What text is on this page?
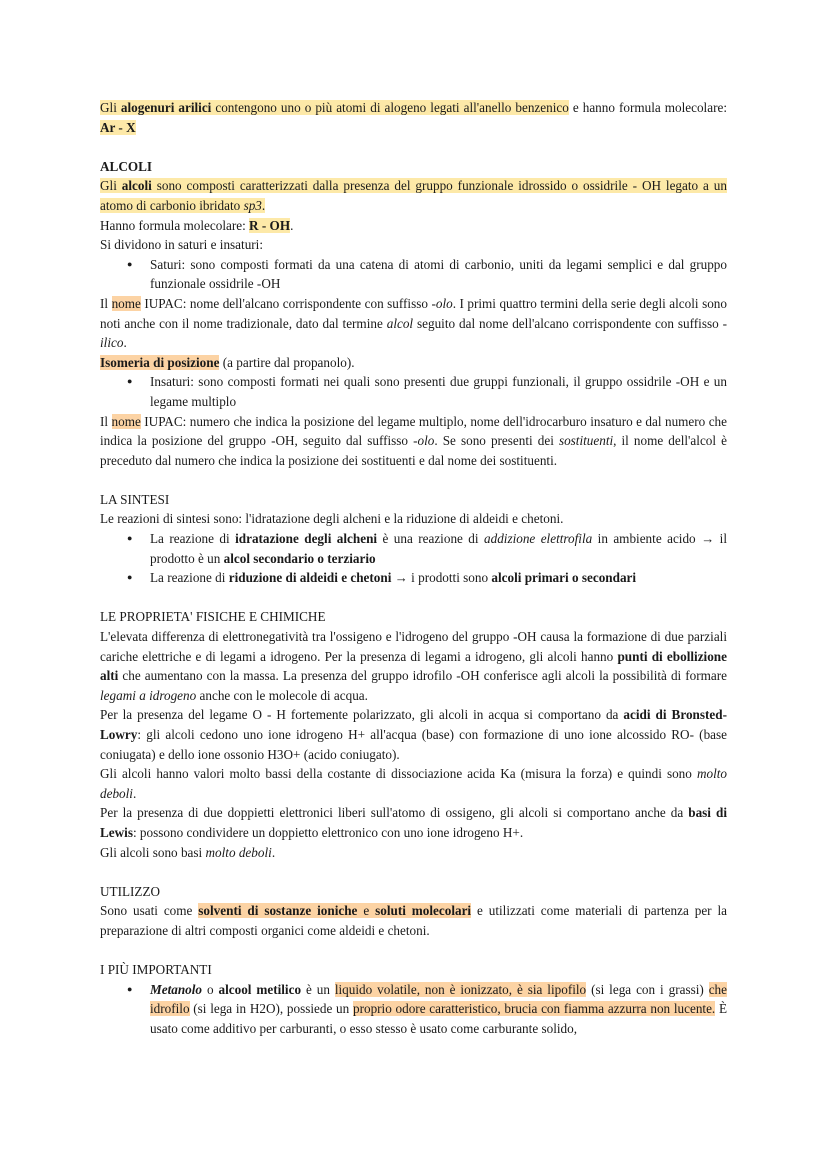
Gli alogenuri arilici contengono uno o più atomi di alogeno legati all'anello benzenico e hanno formula molecolare: Ar - X

ALCOLI

Gli alcoli sono composti caratterizzati dalla presenza del gruppo funzionale idrossido o ossidrile - OH legato a un atomo di carbonio ibridato sp3.

Hanno formula molecolare: R - OH.

Si dividono in saturi e insaturi:

● Saturi: sono composti formati da una catena di atomi di carbonio, uniti da legami semplici e dal gruppo funzionale ossidrile -OH

Il nome IUPAC: nome dell'alcano corrispondente con suffisso -olo. I primi quattro termini della serie degli alcoli sono noti anche con il nome tradizionale, dato dal termine alcol seguito dal nome dell'alcano corrispondente con suffisso -ilico.

Isomeria di posizione (a partire dal propanolo).

● Insaturi: sono composti formati nei quali sono presenti due gruppi funzionali, il gruppo ossidrile -OH e un legame multiplo

Il nome IUPAC: numero che indica la posizione del legame multiplo, nome dell'idrocarburo insaturo e dal numero che indica la posizione del gruppo -OH, seguito dal suffisso -olo. Se sono presenti dei sostituenti, il nome dell'alcol è preceduto dal numero che indica la posizione dei sostituenti e dal nome dei sostituenti.

LA SINTESI

Le reazioni di sintesi sono: l'idratazione degli alcheni e la riduzione di aldeidi e chetoni.

● La reazione di idratazione degli alcheni è una reazione di addizione elettrofila in ambiente acido → il prodotto è un alcol secondario o terziario
● La reazione di riduzione di aldeidi e chetoni → i prodotti sono alcoli primari o secondari

LE PROPRIETA' FISICHE E CHIMICHE

L'elevata differenza di elettronegatività tra l'ossigeno e l'idrogeno del gruppo -OH causa la formazione di due parziali cariche elettriche e di legami a idrogeno. Per la presenza di legami a idrogeno, gli alcoli hanno punti di ebollizione alti che aumentano con la massa. La presenza del gruppo idrofilo -OH conferisce agli alcoli la possibilità di formare legami a idrogeno anche con le molecole di acqua.

Per la presenza del legame O - H fortemente polarizzato, gli alcoli in acqua si comportano da acidi di Bronsted-Lowry: gli alcoli cedono uno ione idrogeno H+ all'acqua (base) con formazione di uno ione alcossido RO- (base coniugata) e dello ione ossonio H3O+ (acido coniugato).

Gli alcoli hanno valori molto bassi della costante di dissociazione acida Ka (misura la forza) e quindi sono molto deboli.

Per la presenza di due doppietti elettronici liberi sull'atomo di ossigeno, gli alcoli si comportano anche da basi di Lewis: possono condividere un doppietto elettronico con uno ione idrogeno H+.

Gli alcoli sono basi molto deboli.

UTILIZZO

Sono usati come solventi di sostanze ioniche e soluti molecolari e utilizzati come materiali di partenza per la preparazione di altri composti organici come aldeidi e chetoni.

I PIÙ IMPORTANTI

● Metanolo o alcool metilico è un liquido volatile, non è ionizzato, è sia lipofilo (si lega con i grassi) che idrofilo (si lega in H2O), possiede un proprio odore caratteristico, brucia con fiamma azzurra non lucente. È usato come additivo per carburanti, o esso stesso è usato come carburante solido,
